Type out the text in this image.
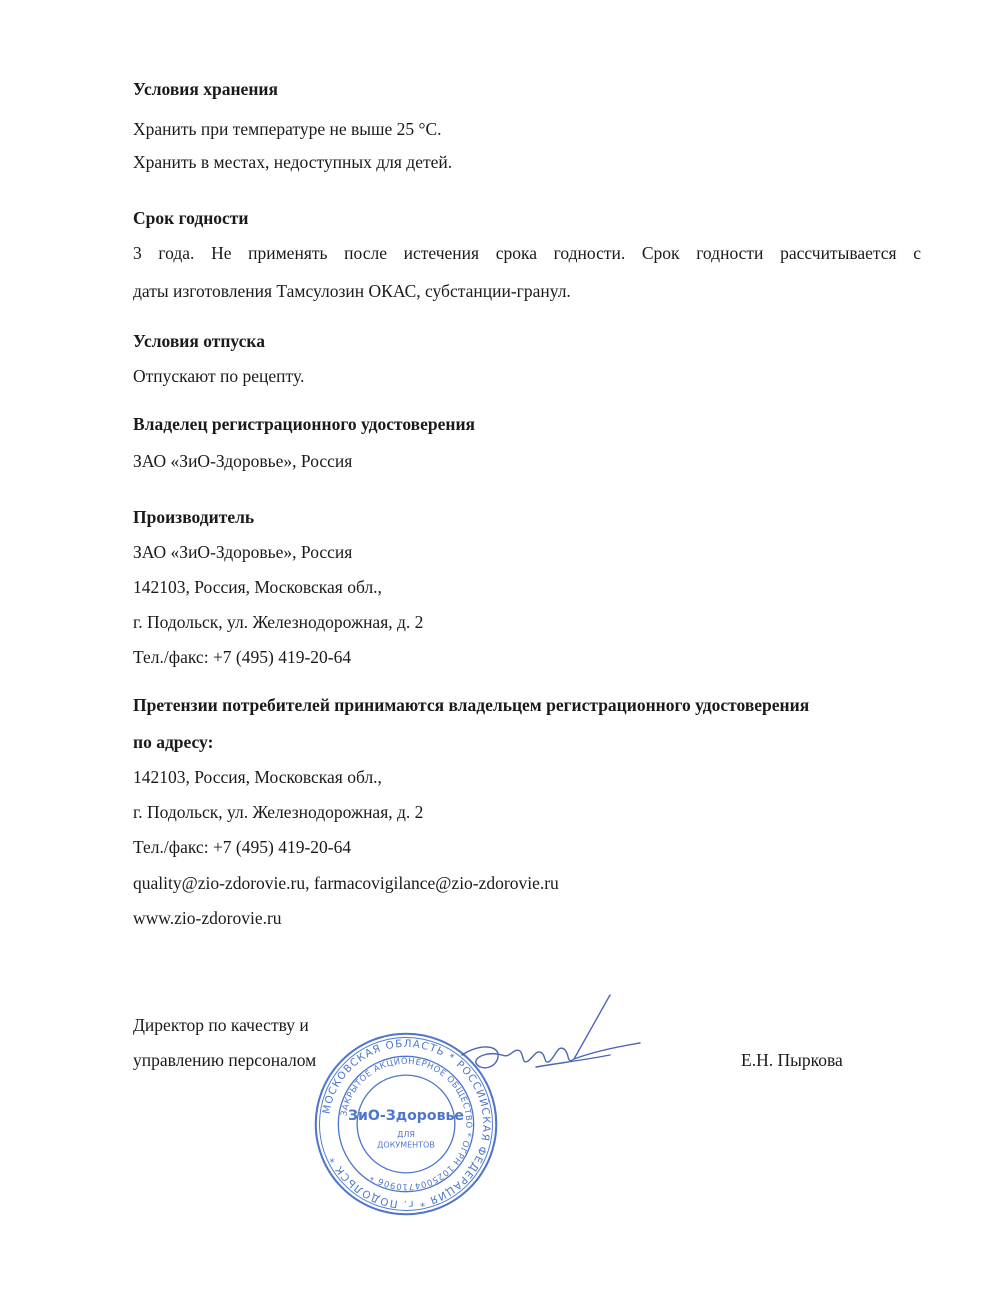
Условия хранения
Хранить при температуре не выше 25 °С.
Хранить в местах, недоступных для детей.
Срок годности
3 года. Не применять после истечения срока годности. Срок годности рассчитывается с
даты изготовления Тамсулозин ОКАС, субстанции-гранул.
Условия отпуска
Отпускают по рецепту.
Владелец регистрационного удостоверения
ЗАО «ЗиО-Здоровье», Россия
Производитель
ЗАО «ЗиО-Здоровье», Россия
142103, Россия, Московская обл.,
г. Подольск, ул. Железнодорожная, д. 2
Тел./факс: +7 (495) 419-20-64
Претензии потребителей принимаются владельцем регистрационного удостоверения
по адресу:
142103, Россия, Московская обл.,
г. Подольск, ул. Железнодорожная, д. 2
Тел./факс: +7 (495) 419-20-64
quality@zio-zdorovie.ru, farmacovigilance@zio-zdorovie.ru
www.zio-zdorovie.ru
Директор по качеству и
управлению персоналом	Е.Н. Пыркова
МОСКОВСКАЯ ОБЛАСТЬ * РОССИЙСКАЯ ФЕДЕРАЦИЯ * г. ПОДОЛЬСК *
ЗАКРЫТОЕ АКЦИОНЕРНОЕ ОБЩЕСТВО * ОГРН 1025004710906 *
ЗиО-Здоровье
ДЛЯ
ДОКУМЕНТОВ
